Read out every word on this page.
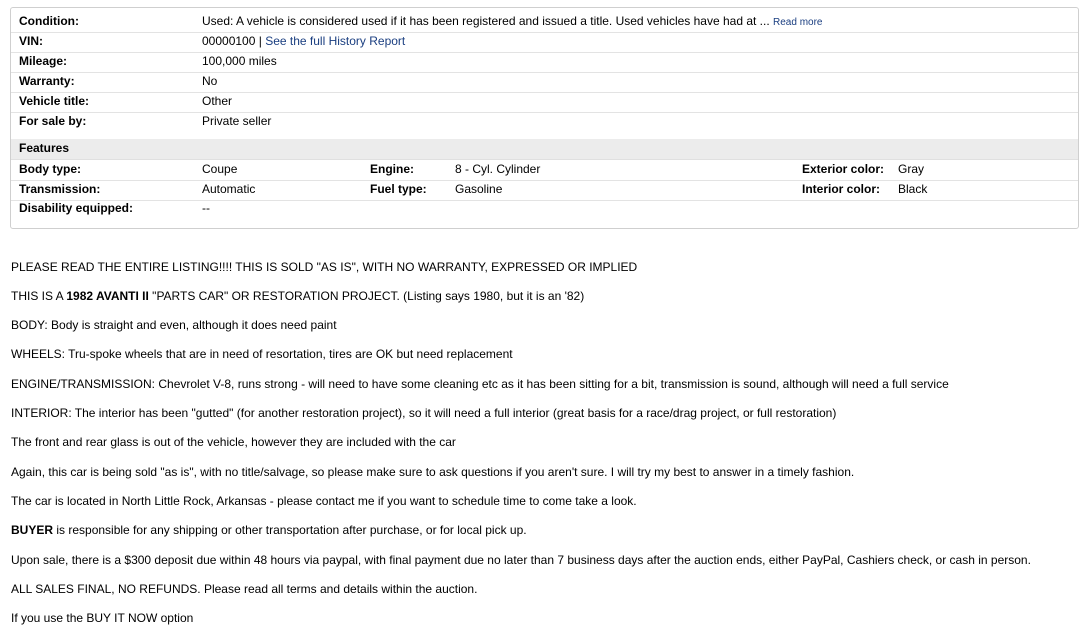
Condition:	Used: A vehicle is considered used if it has been registered and issued a title. Used vehicles have had at ... Read more
VIN:	00000100 | See the full History Report
Mileage:	100,000 miles
Warranty:	No
Vehicle title:	Other
For sale by:	Private seller
Features
Body type:	Coupe	Engine:	8 - Cyl. Cylinder	Exterior color: Gray
Transmission:	Automatic	Fuel type: Gasoline	Interior color: Black
Disability equipped:	--
PLEASE READ THE ENTIRE LISTING!!!! THIS IS SOLD "AS IS", WITH NO WARRANTY, EXPRESSED OR IMPLIED
THIS IS A 1982 AVANTI II "PARTS CAR" OR RESTORATION PROJECT. (Listing says 1980, but it is an '82)
BODY: Body is straight and even, although it does need paint
WHEELS: Tru-spoke wheels that are in need of resortation, tires are OK but need replacement
ENGINE/TRANSMISSION: Chevrolet V-8, runs strong - will need to have some cleaning etc as it has been sitting for a bit, transmission is sound, although will need a full service
INTERIOR: The interior has been "gutted" (for another restoration project), so it will need a full interior (great basis for a race/drag project, or full restoration)
The front and rear glass is out of the vehicle, however they are included with the car
Again, this car is being sold "as is", with no title/salvage, so please make sure to ask questions if you aren't sure. I will try my best to answer in a timely fashion.
The car is located in North Little Rock, Arkansas - please contact me if you want to schedule time to come take a look.
BUYER is responsible for any shipping or other transportation after purchase, or for local pick up.
Upon sale, there is a $300 deposit due within 48 hours via paypal, with final payment due no later than 7 business days after the auction ends, either PayPal, Cashiers check, or cash in person.
ALL SALES FINAL, NO REFUNDS. Please read all terms and details within the auction.
If you use the BUY IT NOW option
